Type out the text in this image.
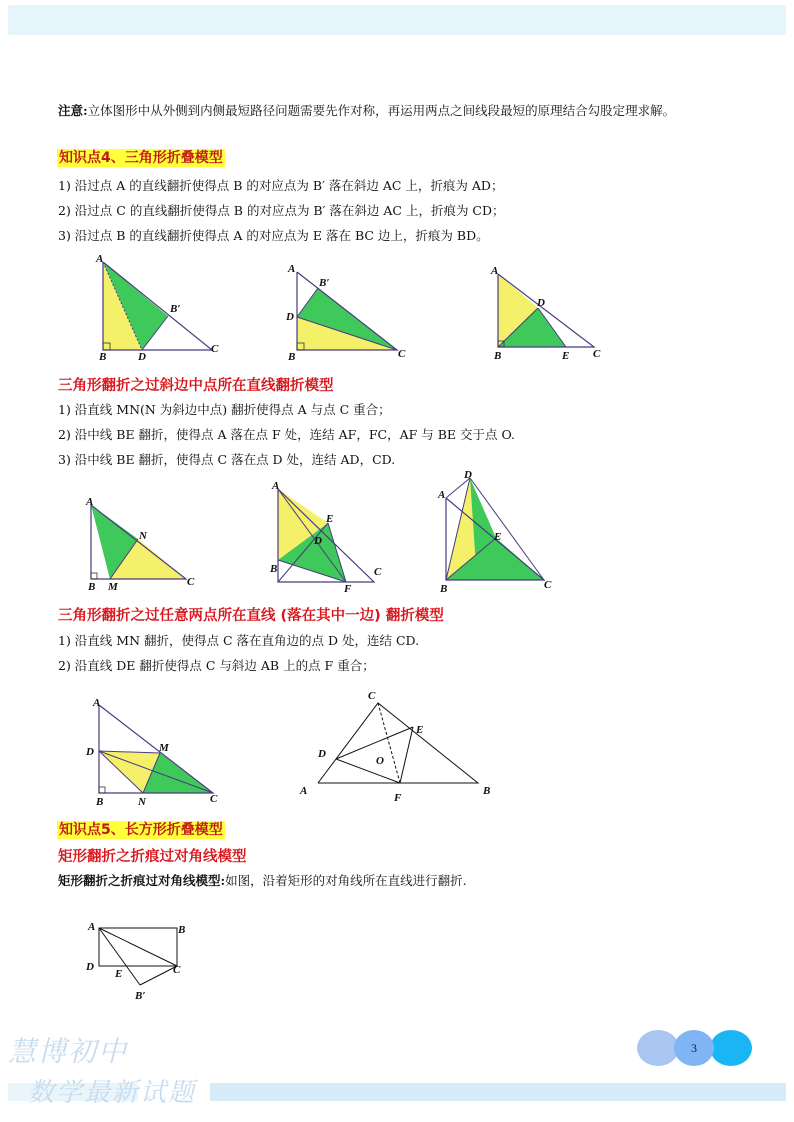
注意:立体图形中从外侧到内侧最短路径问题需要先作对称，再运用两点之间线段最短的原理结合勾股定理求解。
知识点4、三角形折叠模型
1) 沿过点 A 的直线翻折使得点 B 的对应点为 B′ 落在斜边 AC 上，折痕为 AD；
2) 沿过点 C 的直线翻折使得点 B 的对应点为 B′ 落在斜边 AC 上，折痕为 CD；
3) 沿过点 B 的直线翻折使得点 A 的对应点为 E 落在 BC 边上，折痕为 BD。
A
B′
B	D
C
A
B′
D
B	C
A
D
B	E C
三角形翻折之过斜边中点所在直线翻折模型
1) 沿直线 MN(N 为斜边中点) 翻折使得点 A 与点 C 重合；
2) 沿中线 BE 翻折，使得点 A 落在点 F 处，连结 AF，FC，AF 与 BE 交于点 O.
3) 沿中线 BE 翻折，使得点 C 落在点 D 处，连结 AD，CD.
A
N
B M	C
A
E
D
B
F
C
D
A
E
B	C
三角形翻折之过任意两点所在直线 (落在其中一边) 翻折模型
1) 沿直线 MN 翻折，使得点 C 落在直角边的点 D 处，连结 CD.
2) 沿直线 DE 翻折使得点 C 与斜边 AB 上的点 F 重合；
A
M
D
B	N	C
C
E
D
O
A
F
B
知识点5、长方形折叠模型
矩形翻折之折痕过对角线模型
矩形翻折之折痕过对角线模型:如图，沿着矩形的对角线所在直线进行翻折.
A	B
D
E	C
B′
3
慧博初中
数学最新试题
